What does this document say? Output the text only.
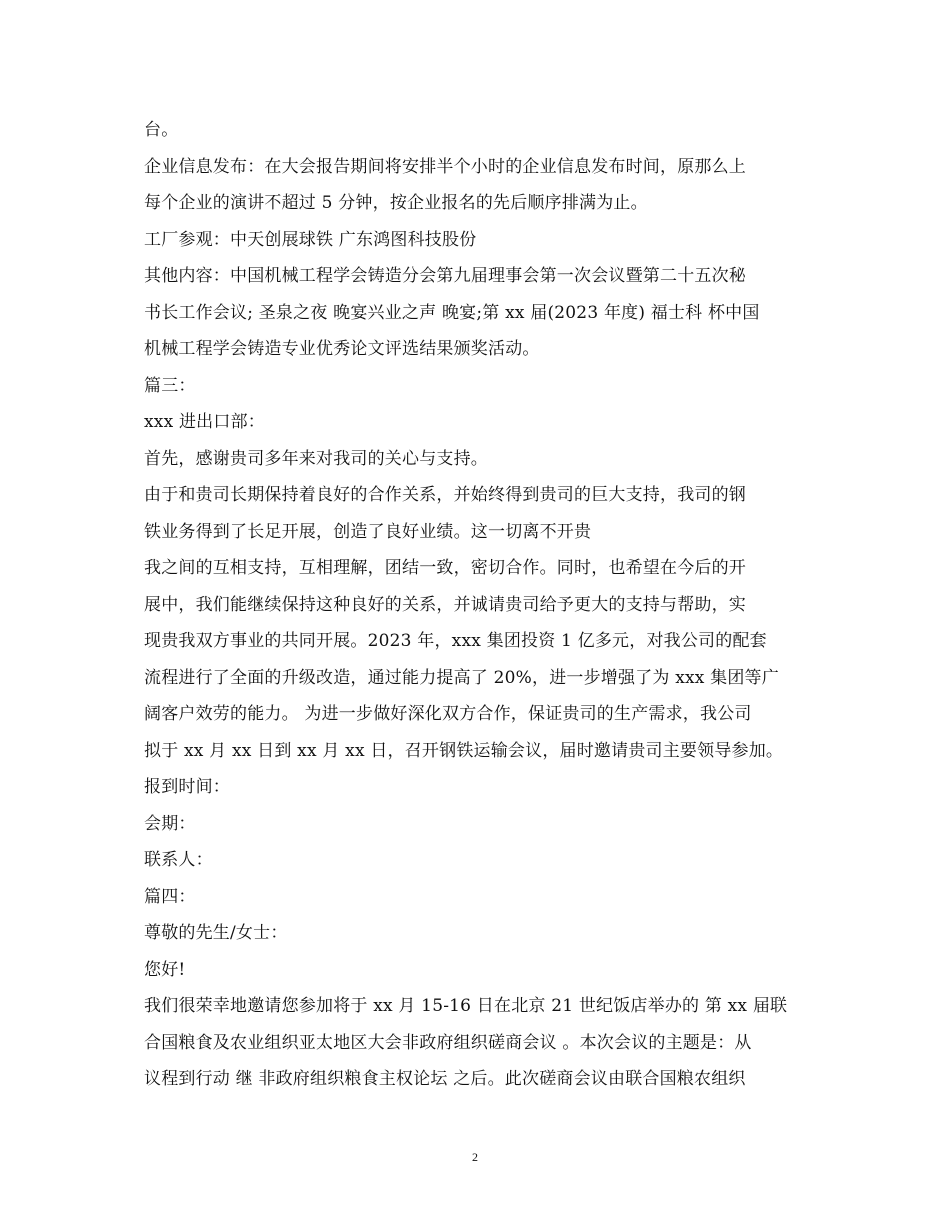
台。
企业信息发布：在大会报告期间将安排半个小时的企业信息发布时间，原那么上
每个企业的演讲不超过 5 分钟，按企业报名的先后顺序排满为止。
工厂参观：中天创展球铁 广东鸿图科技股份
其他内容：中国机械工程学会铸造分会第九届理事会第一次会议暨第二十五次秘
书长工作会议; 圣泉之夜 晚宴兴业之声 晚宴;第 xx 届(2023 年度) 福士科 杯中国
机械工程学会铸造专业优秀论文评选结果颁奖活动。
篇三：
xxx 进出口部：
首先，感谢贵司多年来对我司的关心与支持。
由于和贵司长期保持着良好的合作关系，并始终得到贵司的巨大支持，我司的钢
铁业务得到了长足开展，创造了良好业绩。这一切离不开贵
我之间的互相支持，互相理解，团结一致，密切合作。同时，也希望在今后的开
展中，我们能继续保持这种良好的关系，并诚请贵司给予更大的支持与帮助，实
现贵我双方事业的共同开展。2023 年，xxx 集团投资 1 亿多元，对我公司的配套
流程进行了全面的升级改造，通过能力提高了 20%，进一步增强了为 xxx 集团等广
阔客户效劳的能力。 为进一步做好深化双方合作，保证贵司的生产需求，我公司
拟于 xx 月 xx 日到 xx 月 xx 日，召开钢铁运输会议，届时邀请贵司主要领导参加。
报到时间：
会期：
联系人：
篇四：
尊敬的先生/女士：
您好!
我们很荣幸地邀请您参加将于 xx 月 15-16 日在北京 21 世纪饭店举办的 第 xx 届联
合国粮食及农业组织亚太地区大会非政府组织磋商会议 。本次会议的主题是：从
议程到行动 继 非政府组织粮食主权论坛 之后。此次磋商会议由联合国粮农组织
2
